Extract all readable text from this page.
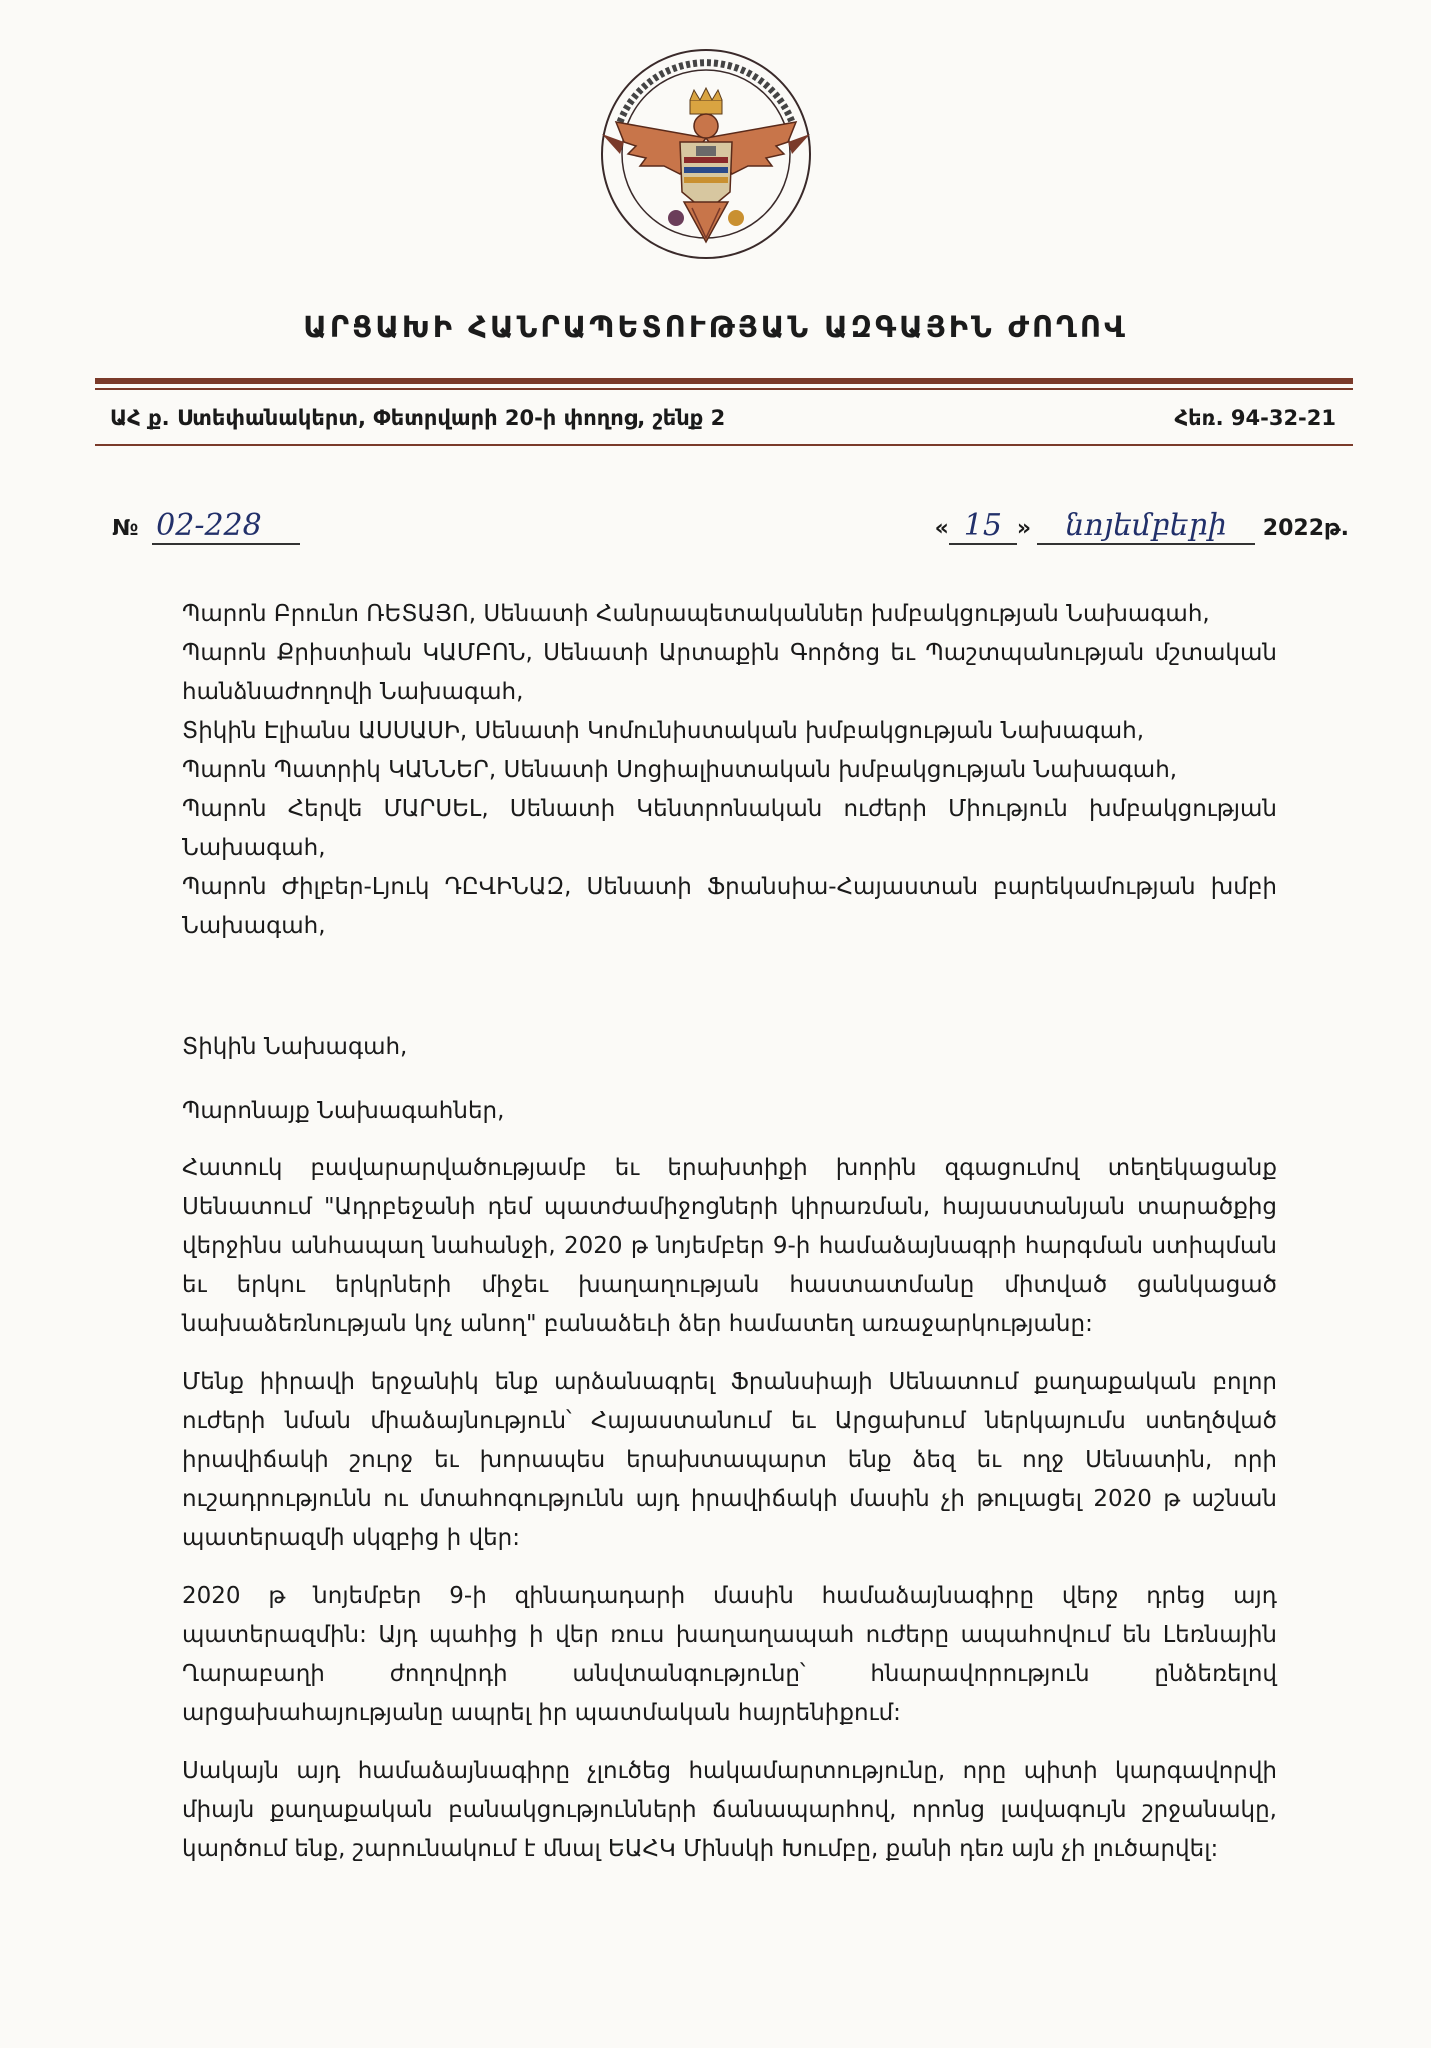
ԱՐՑԱԽԻ ՀԱՆՐԱՊԵՏՈՒԹՅԱՆ ԱԶԳԱՅԻՆ ԺՈՂՈՎ
ԱՀ ք. Ստեփանակերտ, Փետրվարի 20-ի փողոց, շենք 2	Հեռ. 94-32-21
№ 02-228	« 15 » նոյեմբերի 2022թ.

Պարոն Բրունո ՌԵՏԱՅՈ, Սենատի Հանրապետականներ խմբակցության Նախագահ,

Պարոն Քրիստիան ԿԱՄԲՈՆ, Սենատի Արտաքին Գործոց եւ Պաշտպանության մշտական հանձնաժողովի Նախագահ,

Տիկին Էլիանս ԱՍՍԱՍԻ, Սենատի Կոմունիստական խմբակցության Նախագահ,

Պարոն Պատրիկ ԿԱՆՆԵՐ, Սենատի Սոցիալիստական խմբակցության Նախագահ,

Պարոն Հերվե ՄԱՐՍԵԼ, Սենատի Կենտրոնական ուժերի Միություն խմբակցության Նախագահ,

Պարոն Ժիլբեր-Լյուկ ԴԸՎԻՆԱԶ, Սենատի Ֆրանսիա-Հայաստան բարեկամության խմբի Նախագահ,

Տիկին Նախագահ,

Պարոնայք Նախագահներ,

Հատուկ բավարարվածությամբ եւ երախտիքի խորին զգացումով տեղեկացանք Սենատում "Ադրբեջանի դեմ պատժամիջոցների կիրառման, հայաստանյան տարածքից վերջինս անհապաղ նահանջի, 2020 թ նոյեմբեր 9-ի համաձայնագրի հարգման ստիպման եւ երկու երկրների միջեւ խաղաղության հաստատմանը միտված ցանկացած նախաձեռնության կոչ անող" բանաձեւի ձեր համատեղ առաջարկությանը:

Մենք իիրավի երջանիկ ենք արձանագրել Ֆրանսիայի Սենատում քաղաքական բոլոր ուժերի նման միաձայնություն՝ Հայաստանում եւ Արցախում ներկայումս ստեղծված իրավիճակի շուրջ եւ խորապես երախտապարտ ենք ձեզ եւ ողջ Սենատին, որի ուշադրությունն ու մտահոգությունն այդ իրավիճակի մասին չի թուլացել 2020 թ աշնան պատերազմի սկզբից ի վեր:

2020 թ նոյեմբեր 9-ի զինադադարի մասին համաձայնագիրը վերջ դրեց այդ պատերազմին: Այդ պահից ի վեր ռուս խաղաղապահ ուժերը ապահովում են Լեռնային Ղարաբաղի ժողովրդի անվտանգությունը՝ հնարավորություն ընձեռելով արցախահայությանը ապրել իր պատմական հայրենիքում:

Սակայն այդ համաձայնագիրը չլուծեց հակամարտությունը, որը պիտի կարգավորվի միայն քաղաքական բանակցությունների ճանապարհով, որոնց լավագույն շրջանակը, կարծում ենք, շարունակում է մնալ ԵԱՀԿ Մինսկի Խումբը, քանի դեռ այն չի լուծարվել:
